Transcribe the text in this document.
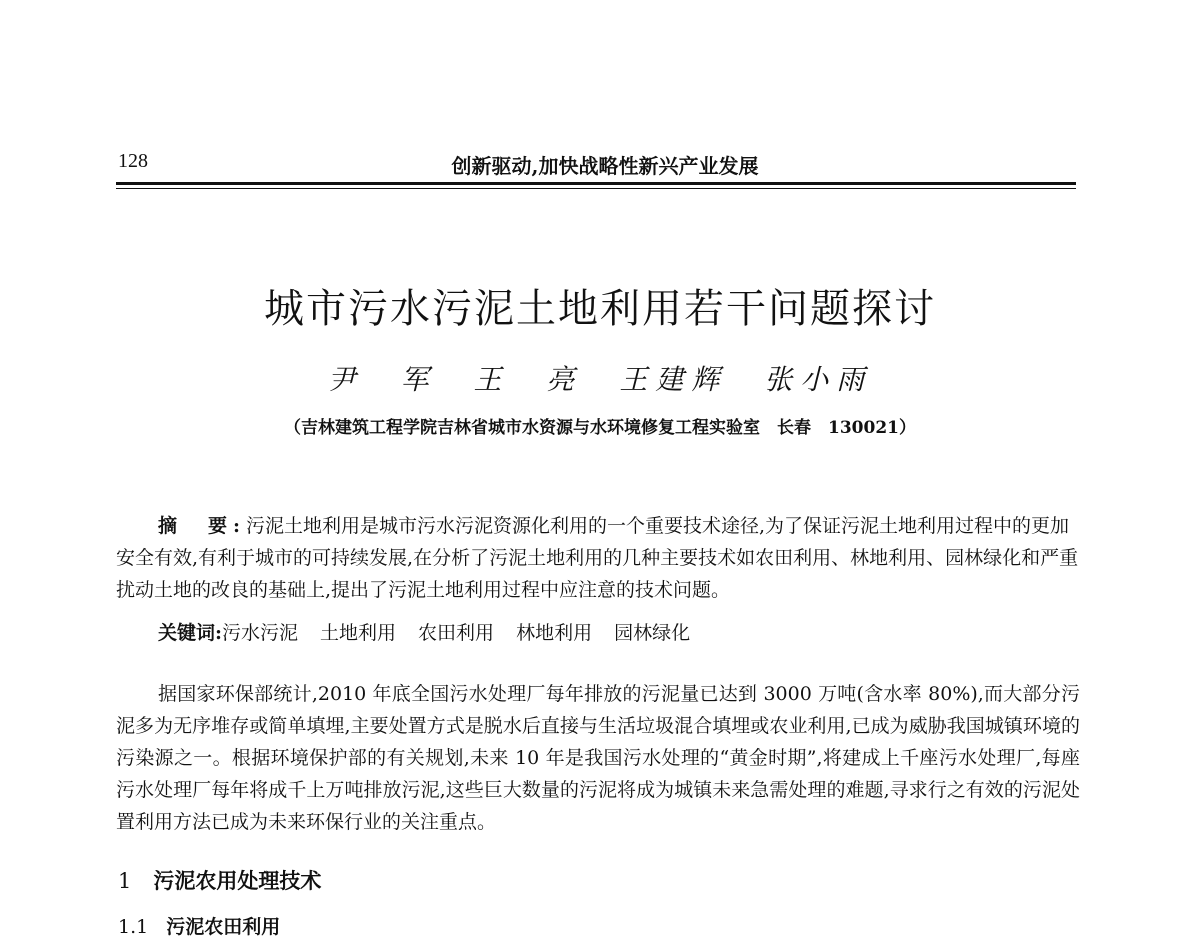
128	创新驱动,加快战略性新兴产业发展
城市污水污泥土地利用若干问题探讨
尹 军 王 亮 王建辉 张小雨
（吉林建筑工程学院吉林省城市水资源与水环境修复工程实验室　长春　130021）
摘　要:污泥土地利用是城市污水污泥资源化利用的一个重要技术途径,为了保证污泥土地利用过程中的更加安全有效,有利于城市的可持续发展,在分析了污泥土地利用的几种主要技术如农田利用、林地利用、园林绿化和严重扰动土地的改良的基础上,提出了污泥土地利用过程中应注意的技术问题。
关键词:污水污泥 土地利用 农田利用 林地利用 园林绿化

据国家环保部统计,2010 年底全国污水处理厂每年排放的污泥量已达到 3000 万吨(含水率 80%),而大部分污泥多为无序堆存或简单填埋,主要处置方式是脱水后直接与生活垃圾混合填埋或农业利用,已成为威胁我国城镇环境的污染源之一。根据环境保护部的有关规划,未来 10 年是我国污水处理的“黄金时期”,将建成上千座污水处理厂,每座污水处理厂每年将成千上万吨排放污泥,这些巨大数量的污泥将成为城镇未来急需处理的难题,寻求行之有效的污泥处置利用方法已成为未来环保行业的关注重点。

1 污泥农用处理技术
1.1 污泥农田利用
